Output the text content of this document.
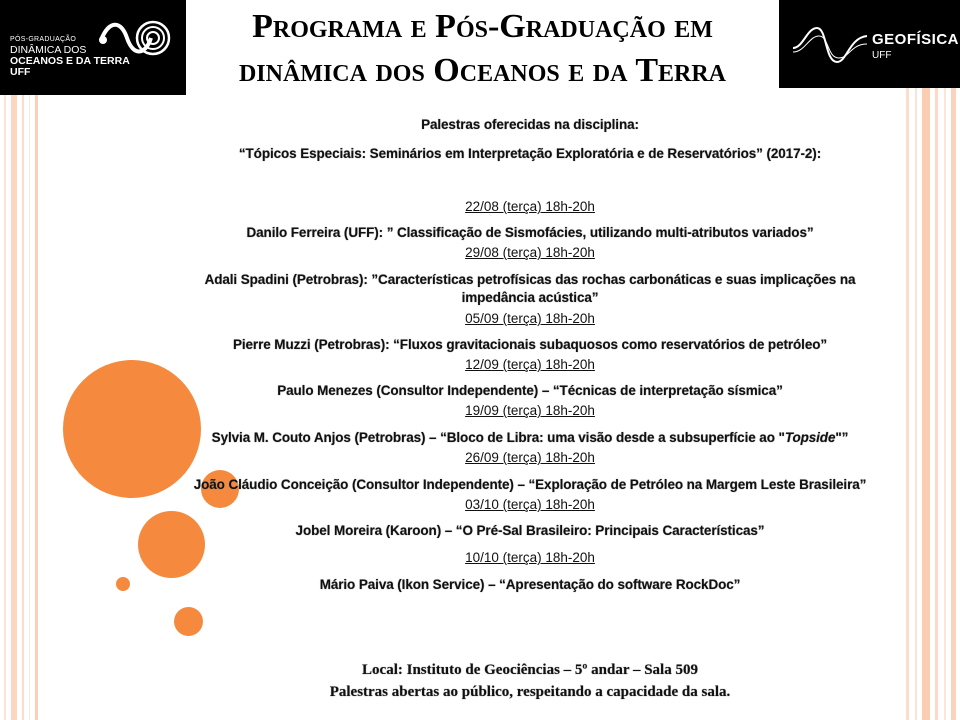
PÓS-GRADUAÇÃO
DINÂMICA DOS
OCEANOS E DA TERRA
UFF
Programa e Pós-Graduação em
dinâmica dos Oceanos e da Terra
GEOFÍSICA
UFF
Palestras oferecidas na disciplina:
“Tópicos Especiais: Seminários em Interpretação Exploratória e de Reservatórios” (2017-2):
22/08 (terça) 18h-20h
Danilo Ferreira (UFF): ” Classificação de Sismofácies, utilizando multi-atributos variados”
29/08 (terça) 18h-20h
Adali Spadini (Petrobras): ”Características petrofísicas das rochas carbonáticas e suas implicações na
impedância acústica”
05/09 (terça) 18h-20h
Pierre Muzzi (Petrobras): “Fluxos gravitacionais subaquosos como reservatórios de petróleo”
12/09 (terça) 18h-20h
Paulo Menezes (Consultor Independente) – “Técnicas de interpretação sísmica”
19/09 (terça) 18h-20h
Sylvia M. Couto Anjos (Petrobras) – “Bloco de Libra: uma visão desde a subsuperfície ao "Topside"”
26/09 (terça) 18h-20h
João Cláudio Conceição (Consultor Independente) – “Exploração de Petróleo na Margem Leste Brasileira”
03/10 (terça) 18h-20h
Jobel Moreira (Karoon) – “O Pré-Sal Brasileiro: Principais Características”
10/10 (terça) 18h-20h
Mário Paiva (Ikon Service) – “Apresentação do software RockDoc”
Local: Instituto de Geociências – 5º andar – Sala 509
Palestras abertas ao público, respeitando a capacidade da sala.
